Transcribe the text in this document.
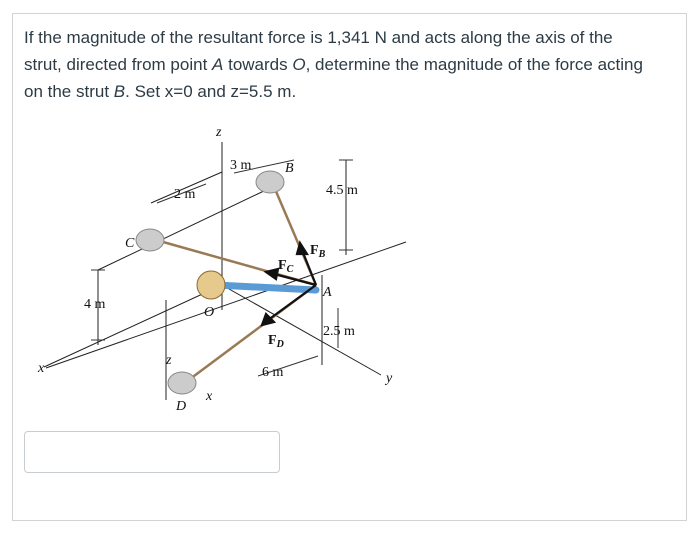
If the magnitude of the resultant force is 1,341 N and acts along the axis of the strut, directed from point A towards O, determine the magnitude of the force acting on the strut B. Set x=0 and z=5.5 m.
z
z
x
x
y
3 m
2 m	4.5 m
4 m
2.5 m
6 m
B
C
A
O
D
$F_B$
$F_C$
$F_D$
